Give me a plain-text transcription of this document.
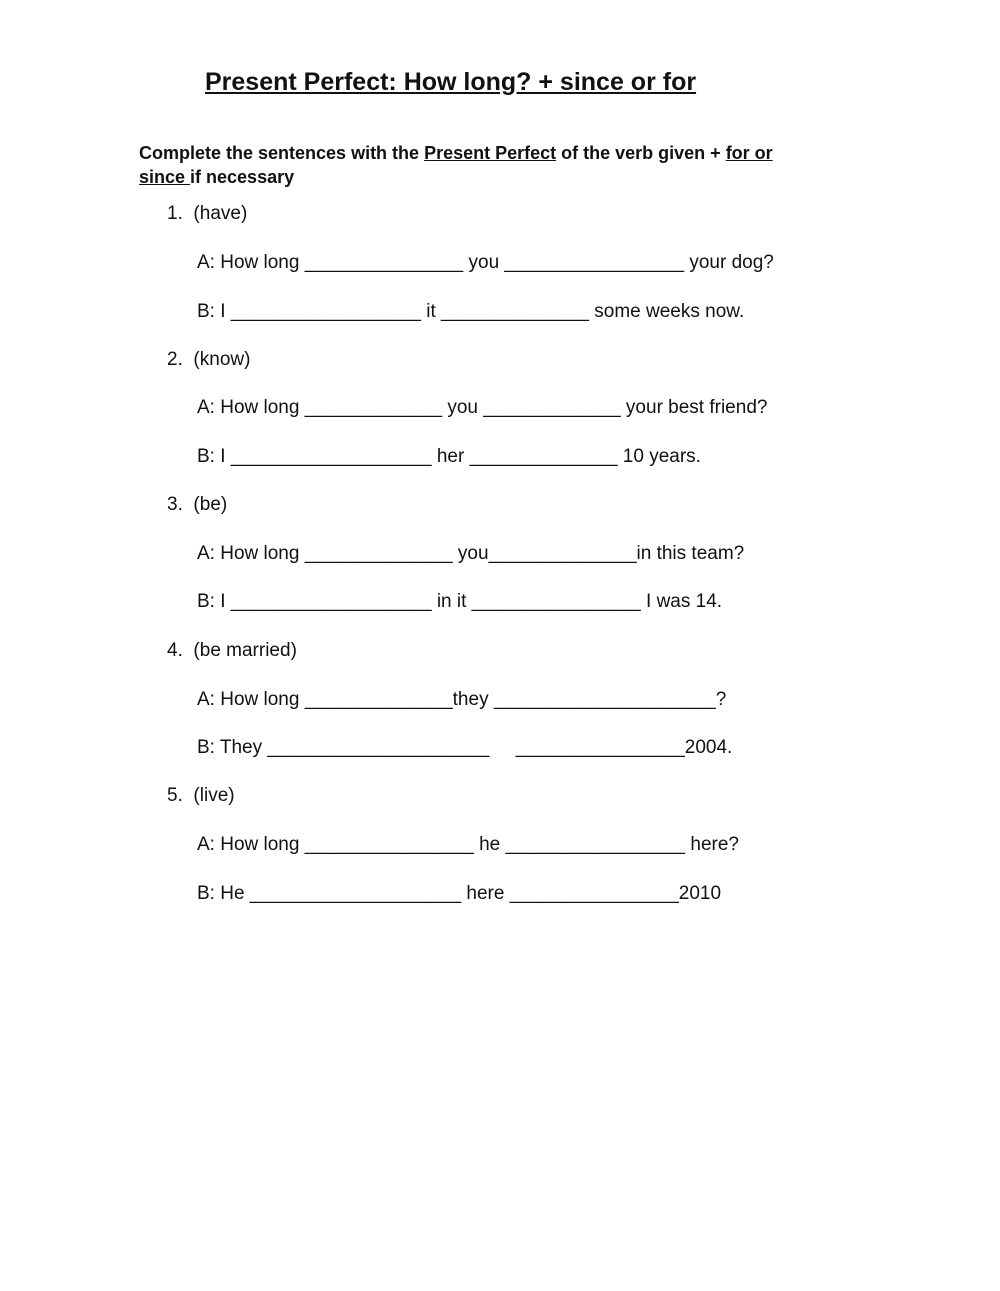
Present Perfect: How long? + since or for
Complete the sentences with the Present Perfect of the verb given + for or
since if necessary
1. (have)
A: How long _______________ you _________________ your dog?
B: I __________________ it ______________ some weeks now.
2. (know)
A: How long _____________ you _____________ your best friend?
B: I ___________________ her ______________ 10 years.
3. (be)
A: How long ______________ you______________in this team?
B: I ___________________ in it ________________ I was 14.
4. (be married)
A: How long ______________they _____________________?
B: They _____________________     ________________2004.
5. (live)
A: How long ________________ he _________________ here?
B: He ____________________ here ________________2010
